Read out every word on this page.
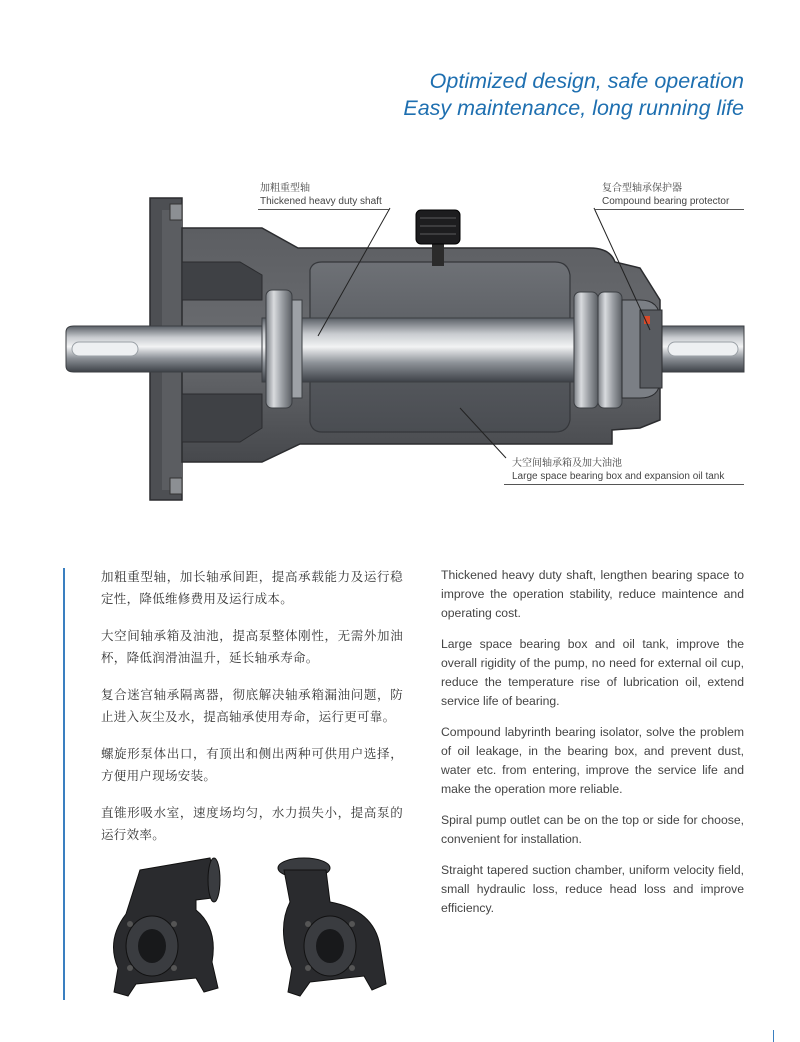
Optimized design, safe operation
Easy maintenance, long running life
加粗重型轴
Thickened heavy duty shaft
复合型轴承保护器
Compound bearing protector
大空间轴承箱及加大油池
Large space bearing box and expansion oil tank

加粗重型轴，加长轴承间距，提高承载能力及运行稳定性，降低维修费用及运行成本。

大空间轴承箱及油池，提高泵整体刚性，无需外加油杯，降低润滑油温升，延长轴承寿命。

复合迷宫轴承隔离器，彻底解决轴承箱漏油问题，防止进入灰尘及水，提高轴承使用寿命，运行更可靠。

螺旋形泵体出口，有顶出和侧出两种可供用户选择，方便用户现场安装。

直锥形吸水室，速度场均匀，水力损失小，提高泵的运行效率。

Thickened heavy duty shaft, lengthen bearing space to improve the operation stability, reduce maintence and operating cost.

Large space bearing box and oil tank, improve the overall rigidity of the pump, no need for external oil cup, reduce the temperature rise of lubrication oil, extend service life of bearing.

Compound labyrinth bearing isolator, solve the problem of oil leakage, in the bearing box, and prevent dust, water etc. from entering, improve the service life and make the operation more reliable.

Spiral pump outlet can be on the top or side for choose, convenient for installation.

Straight tapered suction chamber, uniform velocity field, small hydraulic loss, reduce head loss and improve efficiency.
